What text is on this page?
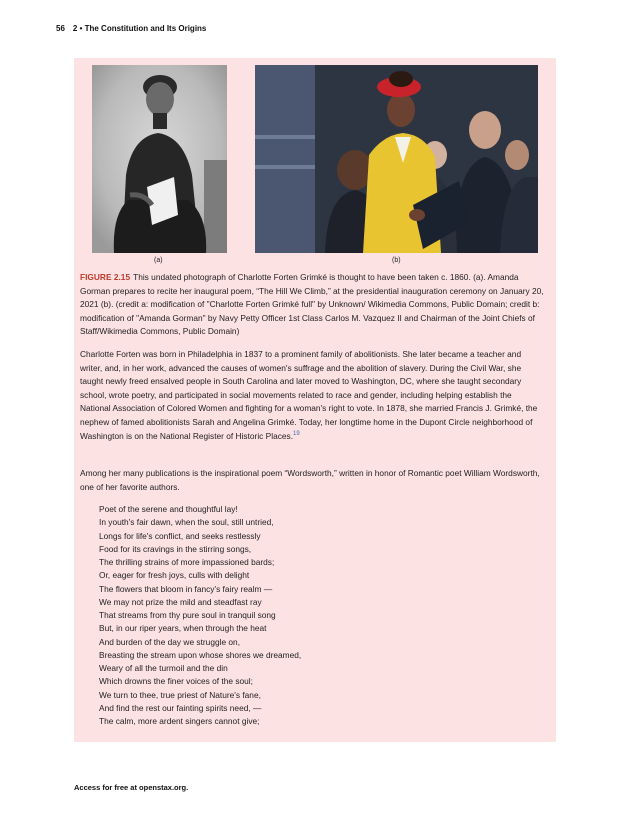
56 2 • The Constitution and Its Origins
(a)	(b)

FIGURE 2.15 This undated photograph of Charlotte Forten Grimké is thought to have been taken c. 1860. (a). Amanda Gorman prepares to recite her inaugural poem, “The Hill We Climb,” at the presidential inauguration ceremony on January 20, 2021 (b). (credit a: modification of "Charlotte Forten Grimké full" by Unknown/ Wikimedia Commons, Public Domain; credit b: modification of "Amanda Gorman" by Navy Petty Officer 1st Class Carlos M. Vazquez II and Chairman of the Joint Chiefs of Staff/Wikimedia Commons, Public Domain)

Charlotte Forten was born in Philadelphia in 1837 to a prominent family of abolitionists. She later became a teacher and writer, and, in her work, advanced the causes of women's suffrage and the abolition of slavery. During the Civil War, she taught newly freed ensalved people in South Carolina and later moved to Washington, DC, where she taught secondary school, wrote poetry, and participated in social movements related to race and gender, including helping establish the National Association of Colored Women and fighting for a woman's right to vote. In 1878, she married Francis J. Grimké, the nephew of famed abolitionists Sarah and Angelina Grimké. Today, her longtime home in the Dupont Circle neighborhood of Washington is on the National Register of Historic Places.$^{19}$

Among her many publications is the inspirational poem “Wordsworth,” written in honor of Romantic poet William Wordsworth, one of her favorite authors.

Poet of the serene and thoughtful lay!
In youth's fair dawn, when the soul, still untried,
Longs for life's conflict, and seeks restlessly
Food for its cravings in the stirring songs,
The thrilling strains of more impassioned bards;
Or, eager for fresh joys, culls with delight
The flowers that bloom in fancy's fairy realm —
We may not prize the mild and steadfast ray
That streams from thy pure soul in tranquil song
But, in our riper years, when through the heat
And burden of the day we struggle on,
Breasting the stream upon whose shores we dreamed,
Weary of all the turmoil and the din
Which drowns the finer voices of the soul;
We turn to thee, true priest of Nature's fane,
And find the rest our fainting spirits need, —
The calm, more ardent singers cannot give;
Access for free at openstax.org.
